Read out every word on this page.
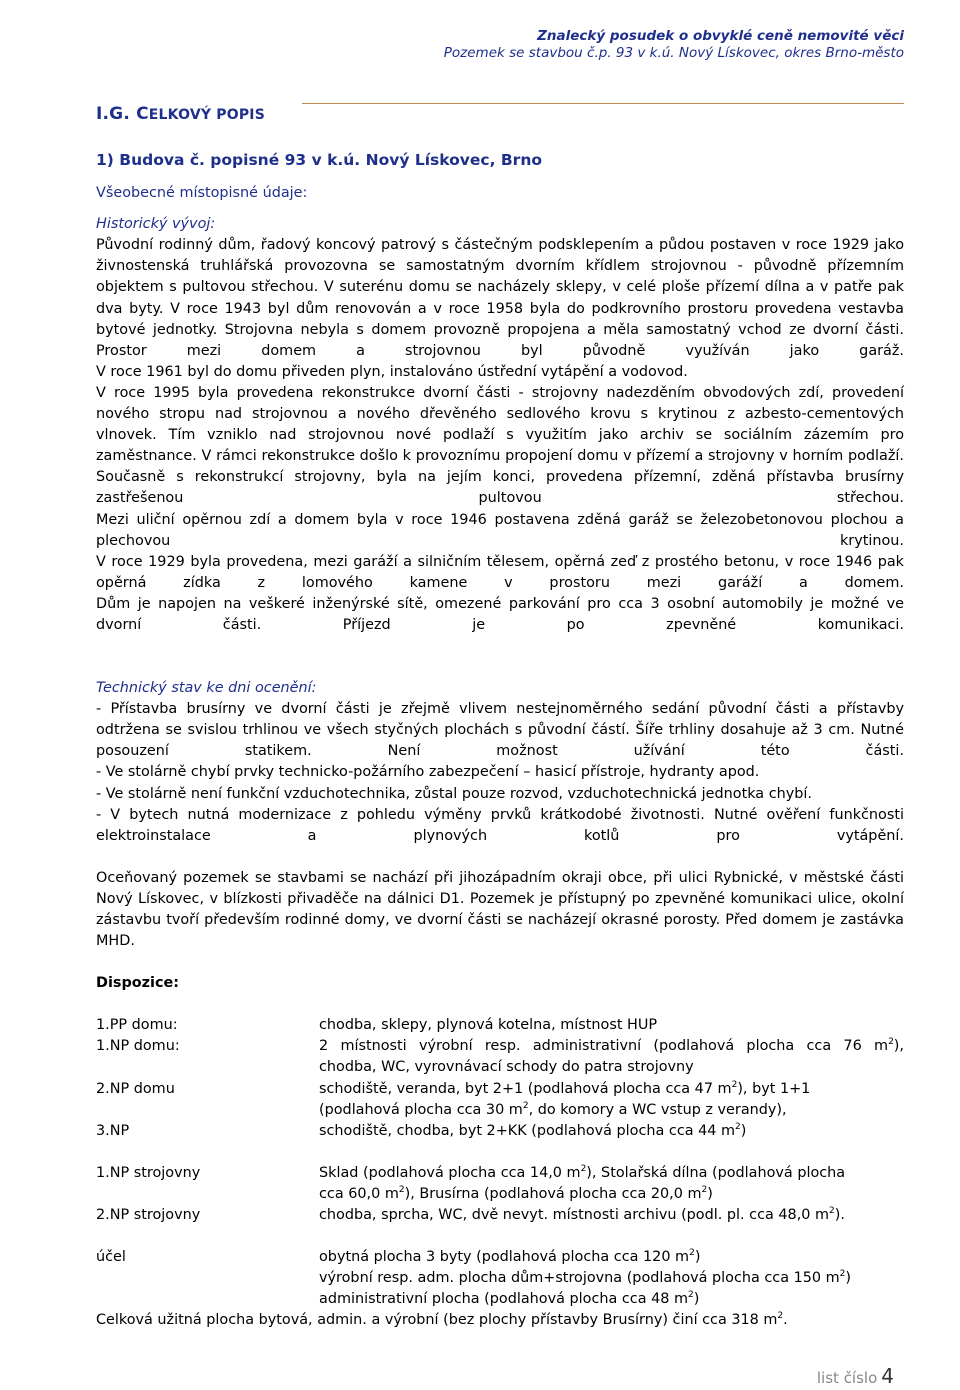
Znalecký posudek o obvyklé ceně nemovité věci
Pozemek se stavbou č.p. 93 v k.ú. Nový Lískovec, okres Brno-město
I.G. CELKOVÝ POPIS

1) Budova č. popisné 93 v k.ú. Nový Lískovec, Brno

Všeobecné místopisné údaje:

Historický vývoj:

Původní rodinný dům, řadový koncový patrový s částečným podsklepením a půdou postaven v roce 1929 jako živnostenská truhlářská provozovna se samostatným dvorním křídlem strojovnou - původně přízemním objektem s pultovou střechou. V suterénu domu se nacházely sklepy, v celé ploše přízemí dílna a v patře pak dva byty. V roce 1943 byl dům renovován a v roce 1958 byla do podkrovního prostoru provedena vestavba bytové jednotky. Strojovna nebyla s domem provozně propojena a měla samostatný vchod ze dvorní části. Prostor mezi domem a strojovnou byl původně využíván jako garáž.

V roce 1961 byl do domu přiveden plyn, instalováno ústřední vytápění a vodovod.

V roce 1995 byla provedena rekonstrukce dvorní části - strojovny nadezděním obvodových zdí, provedení nového stropu nad strojovnou a nového dřevěného sedlového krovu s krytinou z azbesto-cementových vlnovek. Tím vzniklo nad strojovnou nové podlaží s využitím jako archiv se sociálním zázemím pro zaměstnance. V rámci rekonstrukce došlo k provoznímu propojení domu v přízemí a strojovny v horním podlaží. Současně s rekonstrukcí strojovny, byla na jejím konci, provedena přízemní, zděná přístavba brusírny zastřešenou pultovou střechou.

Mezi uliční opěrnou zdí a domem byla v roce 1946 postavena zděná garáž se železobetonovou plochou a plechovou krytinou.

V roce 1929 byla provedena, mezi garáží a silničním tělesem, opěrná zeď z prostého betonu, v roce 1946 pak opěrná zídka z lomového kamene v prostoru mezi garáží a domem.

Dům je napojen na veškeré inženýrské sítě, omezené parkování pro cca 3 osobní automobily je možné ve dvorní části. Příjezd je po zpevněné komunikaci.

Technický stav ke dni ocenění:

- Přístavba brusírny ve dvorní části je zřejmě vlivem nestejnoměrného sedání původní části a přístavby odtržena se svislou trhlinou ve všech styčných plochách s původní částí. Šíře trhliny dosahuje až 3 cm. Nutné posouzení statikem. Není možnost užívání této části.

- Ve stolárně chybí prvky technicko-požárního zabezpečení – hasicí přístroje, hydranty apod.

- Ve stolárně není funkční vzduchotechnika, zůstal pouze rozvod, vzduchotechnická jednotka chybí.

- V bytech nutná modernizace z pohledu výměny prvků krátkodobé životnosti. Nutné ověření funkčnosti elektroinstalace a plynových kotlů pro vytápění.

Oceňovaný pozemek se stavbami se nachází při jihozápadním okraji obce, při ulici Rybnické, v městské části Nový Lískovec, v blízkosti přivaděče na dálnici D1. Pozemek je přístupný po zpevněné komunikaci ulice, okolní zástavbu tvoří především rodinné domy, ve dvorní části se nacházejí okrasné porosty. Před domem je zastávka MHD.

Dispozice:

1.PP domu:	chodba, sklepy, plynová kotelna, místnost HUP
1.NP domu:	2 místnosti výrobní resp. administrativní (podlahová plocha cca 76 $m^2$),
chodba, WC, vyrovnávací schody do patra strojovny

2.NP domu	schodiště, veranda, byt 2+1 (podlahová plocha cca 47 $m^2$), byt 1+1
(podlahová plocha cca 30 $m^2$, do komory a WC vstup z verandy),

3.NP	schodiště, chodba, byt 2+KK (podlahová plocha cca 44 $m^2$)

1.NP strojovny	Sklad (podlahová plocha cca 14,0 $m^2$), Stolařská dílna (podlahová plocha
cca 60,0 $m^2$), Brusírna (podlahová plocha cca 20,0 $m^2$)

2.NP strojovny	chodba, sprcha, WC, dvě nevyt. místnosti archivu (podl. pl. cca 48,0 $m^2$).

účel	obytná plocha 3 byty (podlahová plocha cca 120 $m^2$)
výrobní resp. adm. plocha dům+strojovna (podlahová plocha cca 150 $m^2$)
administrativní plocha (podlahová plocha cca 48 $m^2$)

Celková užitná plocha bytová, admin. a výrobní (bez plochy přístavby Brusírny) činí cca 318 $m^2$.

list číslo 4
